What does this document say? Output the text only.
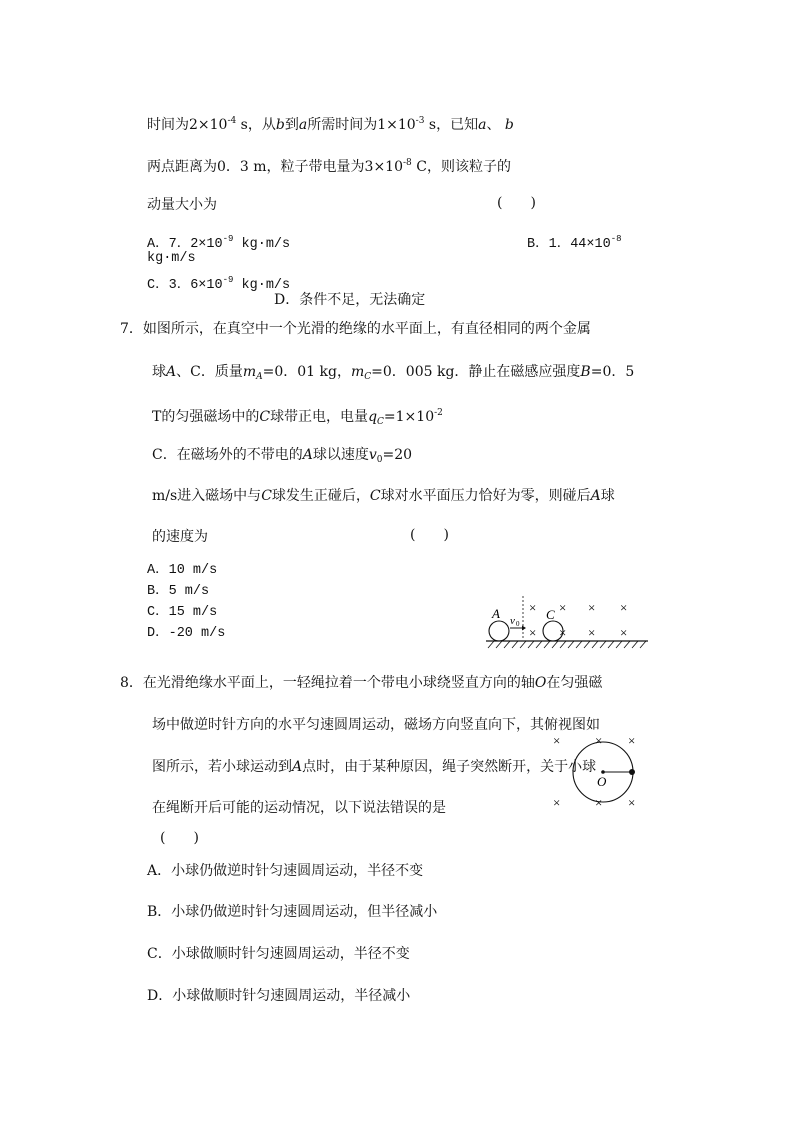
时间为$2\times 10^{-4}$ s，从b到a所需时间为$1\times 10^{-3}$ s，已知a、 b
两点距离为0．3 m，粒子带电量为$3\times 10^{-8}$ C，则该粒子的
动量大小为	(　　)
A．7．$2\times 10^{-9}$ kg·m/s	B．1．$44\times 10^{-8}$
kg·m/s
C．3．$6\times 10^{-9}$ kg·m/s
D．条件不足，无法确定
7．如图所示，在真空中一个光滑的绝缘的水平面上，有直径相同的两个金属
球A、C．质量$m_A=0$．01 kg，$m_C=0$．005 kg．静止在磁感应强度B=0．5
T的匀强磁场中的C球带正电，电量$q_C=1\times 10^{-2}$
C．在磁场外的不带电的A球以速度$v_0=20$
m/s进入磁场中与C球发生正碰后，C球对水平面压力恰好为零，则碰后A球
的速度为	(　　)
A．10 m/s
B．5 m/s
C．15 m/s
D．-20 m/s
A	C
v 0
× × × ×
× × × ×
8．在光滑绝缘水平面上，一轻绳拉着一个带电小球绕竖直方向的轴O在匀强磁
场中做逆时针方向的水平匀速圆周运动，磁场方向竖直向下，其俯视图如
图所示，若小球运动到A点时，由于某种原因，绳子突然断开，关于小球
在绳断开后可能的运动情况，以下说法错误的是
(　　)
A．小球仍做逆时针匀速圆周运动，半径不变
B．小球仍做逆时针匀速圆周运动，但半径减小
C．小球做顺时针匀速圆周运动，半径不变
D．小球做顺时针匀速圆周运动，半径减小
O
×	× ×
×	× ×
